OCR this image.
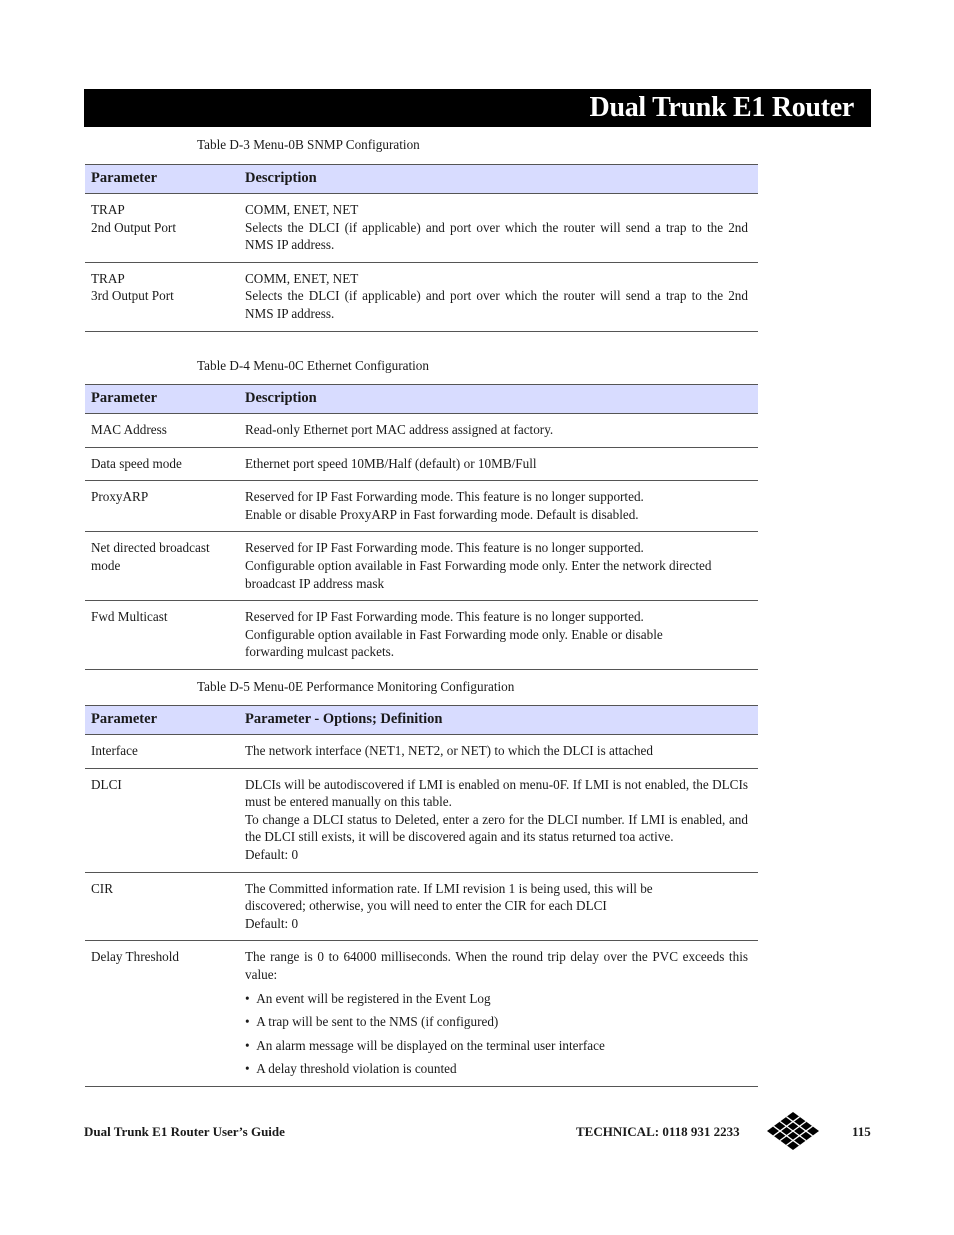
Dual Trunk E1 Router
Table D-3 Menu-0B SNMP Configuration
Parameter	Description

TRAP
2nd Output Port	COMM, ENET, NET
Selects the DLCI (if applicable) and port over which the router will send a trap to the 2nd NMS IP address.

TRAP
3rd Output Port	COMM, ENET, NET
Selects the DLCI (if applicable) and port over which the router will send a trap to the 2nd NMS IP address.
Table D-4 Menu-0C Ethernet Configuration
Parameter	Description

MAC Address	Read-only Ethernet port MAC address assigned at factory.

Data speed mode	Ethernet port speed 10MB/Half (default) or 10MB/Full

ProxyARP	Reserved for IP Fast Forwarding mode. This feature is no longer supported.
Enable or disable ProxyARP in Fast forwarding mode. Default is disabled.

Net directed broadcast mode	Reserved for IP Fast Forwarding mode. This feature is no longer supported.
Configurable option available in Fast Forwarding mode only. Enter the network directed broadcast IP address mask

Fwd Multicast	Reserved for IP Fast Forwarding mode. This feature is no longer supported.
Configurable option available in Fast Forwarding mode only. Enable or disable forwarding mulcast packets.
Table D-5 Menu-0E Performance Monitoring Configuration
Parameter	Parameter - Options; Definition

Interface	The network interface (NET1, NET2, or NET) to which the DLCI is attached

DLCI	DLCIs will be autodiscovered if LMI is enabled on menu-0F. If LMI is not enabled, the DLCIs must be entered manually on this table.
To change a DLCI status to Deleted, enter a zero for the DLCI number. If LMI is enabled, and the DLCI still exists, it will be discovered again and its status returned toa active.
Default: 0

CIR	The Committed information rate. If LMI revision 1 is being used, this will be discovered; otherwise, you will need to enter the CIR for each DLCI
Default: 0

Delay Threshold	The range is 0 to 64000 milliseconds. When the round trip delay over the PVC exceeds this value:
•  An event will be registered in the Event Log
•  A trap will be sent to the NMS (if configured)
•  An alarm message will be displayed on the terminal user interface
•  A delay threshold violation is counted
Dual Trunk E1 Router User’s Guide	TECHNICAL: 0118 931 2233	115
